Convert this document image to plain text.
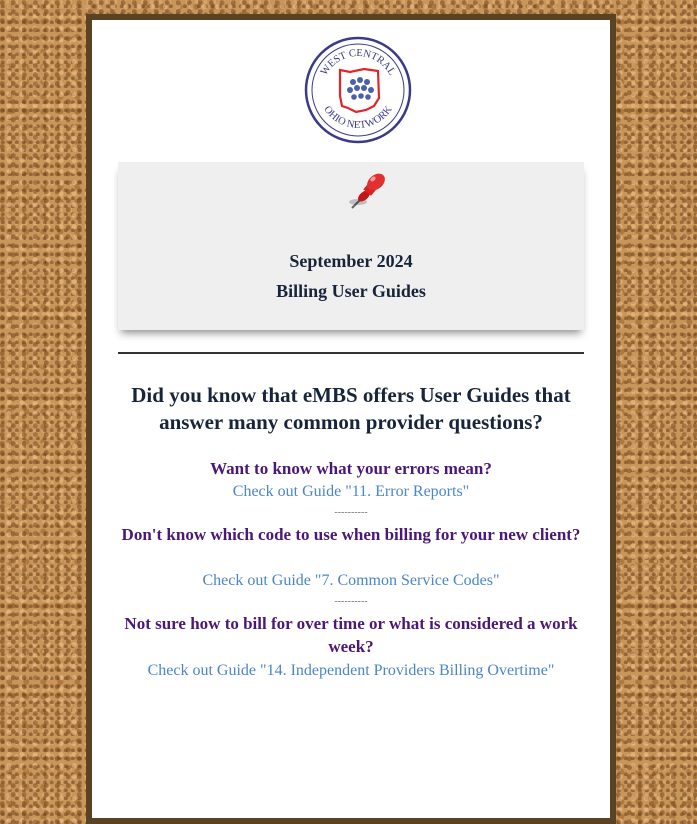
WEST CENTRAL
OHIO NETWORK
September 2024
Billing User Guides
Did you know that eMBS offers User Guides that answer many common provider questions?
Want to know what your errors mean?
Check out Guide "11. Error Reports"
----------
Don't know which code to use when billing for your new client?
Check out Guide "7. Common Service Codes"
----------
Not sure how to bill for over time or what is considered a work week?
Check out Guide "14. Independent Providers Billing Overtime"
